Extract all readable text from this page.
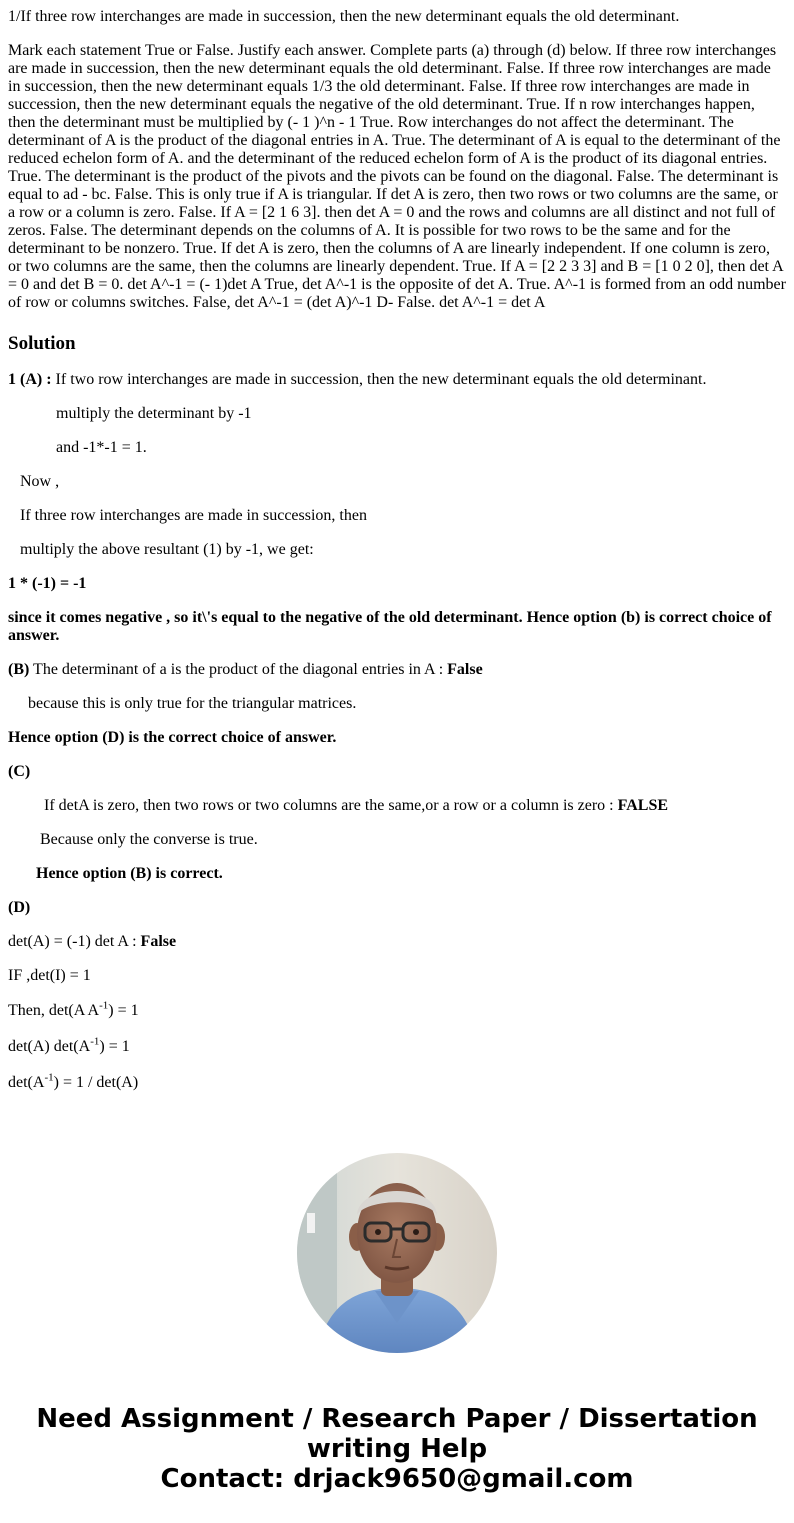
1/If three row interchanges are made in succession, then the new determinant equals the old determinant.

Mark each statement True or False. Justify each answer. Complete parts (a) through (d) below. If three row interchanges are made in succession, then the new determinant equals the old determinant. False. If three row interchanges are made in succession, then the new determinant equals 1/3 the old determinant. False. If three row interchanges are made in succession, then the new determinant equals the negative of the old determinant. True. If n row interchanges happen, then the determinant must be multiplied by (- 1 )^n - 1 True. Row interchanges do not affect the determinant. The determinant of A is the product of the diagonal entries in A. True. The determinant of A is equal to the determinant of the reduced echelon form of A. and the determinant of the reduced echelon form of A is the product of its diagonal entries. True. The determinant is the product of the pivots and the pivots can be found on the diagonal. False. The determinant is equal to ad - bc. False. This is only true if A is triangular. If det A is zero, then two rows or two columns are the same, or a row or a column is zero. False. If A = [2 1 6 3]. then det A = 0 and the rows and columns are all distinct and not full of zeros. False. The determinant depends on the columns of A. It is possible for two rows to be the same and for the determinant to be nonzero. True. If det A is zero, then the columns of A are linearly independent. If one column is zero, or two columns are the same, then the columns are linearly dependent. True. If A = [2 2 3 3] and B = [1 0 2 0], then det A = 0 and det B = 0. det A^-1 = (- 1)det A True, det A^-1 is the opposite of det A. True. A^-1 is formed from an odd number of row or columns switches. False, det A^-1 = (det A)^-1 D- False. det A^-1 = det A

Solution

1 (A) : If two row interchanges are made in succession, then the new determinant equals the old determinant.

multiply the determinant by -1

and -1*-1 = 1.

Now ,

If three row interchanges are made in succession, then

multiply the above resultant (1) by -1, we get:

1 * (-1) = -1

since it comes negative , so it\'s equal to the negative of the old determinant. Hence option (b) is correct choice of answer.

(B) The determinant of a is the product of the diagonal entries in A : False

because this is only true for the triangular matrices.

Hence option (D) is the correct choice of answer.

(C)

If detA is zero, then two rows or two columns are the same,or a row or a column is zero : FALSE

Because only the converse is true.

Hence option (B) is correct.

(D)

det(A) = (-1) det A : False

IF ,det(I) = 1

Then, det(A $A^{-1}) = 1$

det(A) $\det(A^{-1}) = 1$

$\det(A^{-1}) = 1 / \det(A)$

Need Assignment / Research Paper / Dissertation
writing Help
Contact: drjack9650@gmail.com
